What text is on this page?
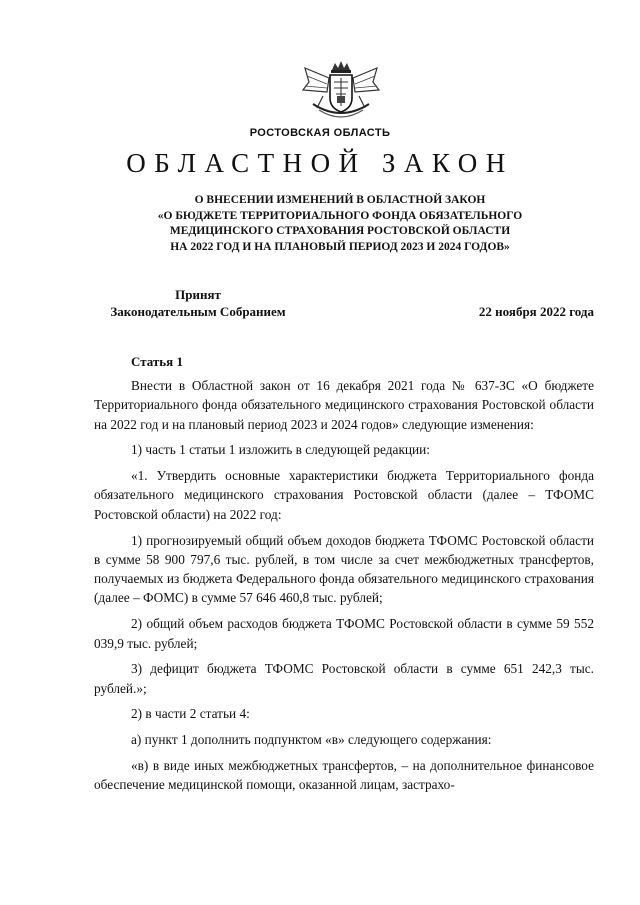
РОСТОВСКАЯ ОБЛАСТЬ
ОБЛАСТНОЙ ЗАКОН
О ВНЕСЕНИИ ИЗМЕНЕНИЙ В ОБЛАСТНОЙ ЗАКОН
«О БЮДЖЕТЕ ТЕРРИТОРИАЛЬНОГО ФОНДА ОБЯЗАТЕЛЬНОГО
МЕДИЦИНСКОГО СТРАХОВАНИЯ РОСТОВСКОЙ ОБЛАСТИ
НА 2022 ГОД И НА ПЛАНОВЫЙ ПЕРИОД 2023 И 2024 ГОДОВ»
Принят
Законодательным Собранием	22 ноября 2022 года
Статья 1

Внести в Областной закон от 16 декабря 2021 года № 637-ЗС «О бюджете Территориального фонда обязательного медицинского страхования Ростовской области на 2022 год и на плановый период 2023 и 2024 годов» следующие изменения:

1) часть 1 статьи 1 изложить в следующей редакции:

«1. Утвердить основные характеристики бюджета Территориального фонда обязательного медицинского страхования Ростовской области (далее – ТФОМС Ростовской области) на 2022 год:

1) прогнозируемый общий объем доходов бюджета ТФОМС Ростовской области в сумме 58 900 797,6 тыс. рублей, в том числе за счет межбюджетных трансфертов, получаемых из бюджета Федерального фонда обязательного медицинского страхования (далее – ФОМС) в сумме 57 646 460,8 тыс. рублей;

2) общий объем расходов бюджета ТФОМС Ростовской области в сумме 59 552 039,9 тыс. рублей;

3) дефицит бюджета ТФОМС Ростовской области в сумме 651 242,3 тыс. рублей.»;

2) в части 2 статьи 4:

а) пункт 1 дополнить подпунктом «в» следующего содержания:

«в) в виде иных межбюджетных трансфертов, – на дополнительное финансовое обеспечение медицинской помощи, оказанной лицам, застрахо-
